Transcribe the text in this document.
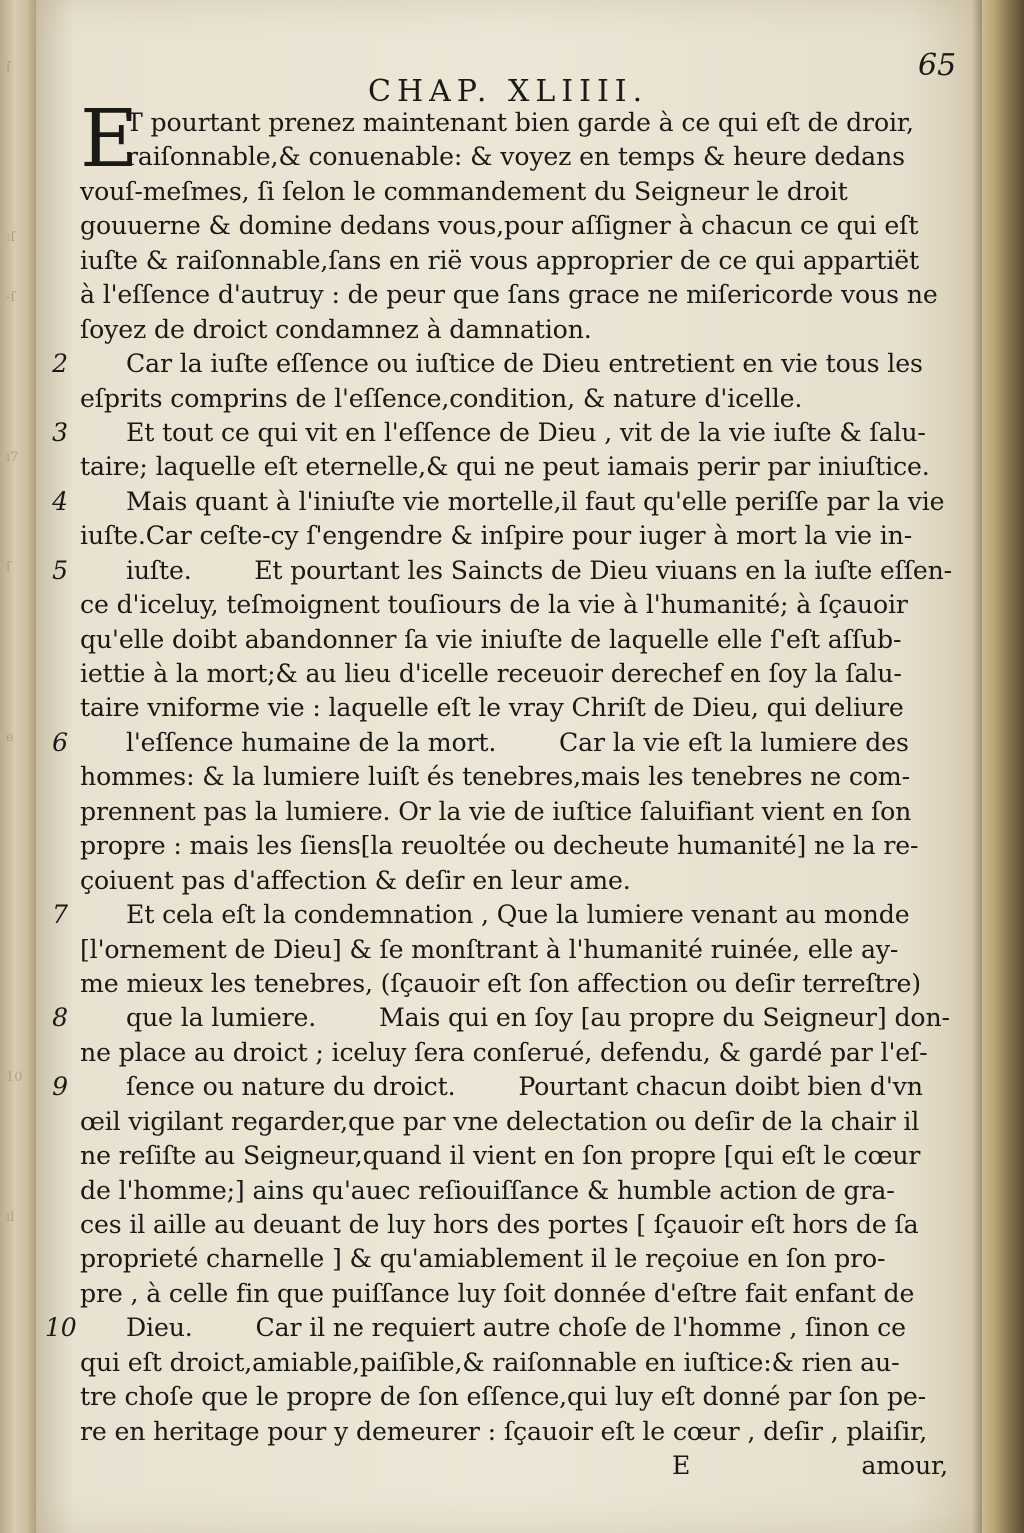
ſ
:ſ
-ſ
ı7
ſ
e
10
ıl

65

CHAP. XLIIII.

E

T pourtant prenez maintenant bien garde à ce qui eſt de droir,

raiſonnable,& conuenable: & voyez en temps & heure dedans

vouſ-meſmes, ſi ſelon le commandement du Seigneur le droit

gouuerne & domine dedans vous,pour aſſigner à chacun ce qui eſt

iuſte & raiſonnable,ſans en rië vous approprier de ce qui appartiët

à l'eſſence d'autruy : de peur que ſans grace ne miſericorde vous ne

ſoyez de droict condamnez à damnation.

2 Car la iuſte eſſence ou iuſtice de Dieu entretient en vie tous les

eſprits comprins de l'eſſence,condition, & nature d'icelle.

3 Et tout ce qui vit en l'eſſence de Dieu , vit de la vie iuſte & ſalu-

taire; laquelle eſt eternelle,& qui ne peut iamais perir par iniuſtice.

4 Mais quant à l'iniuſte vie mortelle,il faut qu'elle periſſe par la vie

iuſte.Car ceſte-cy ſ'engendre & inſpire pour iuger à mort la vie in-

5 iuſte.        Et pourtant les Saincts de Dieu viuans en la iuſte eſſen-

ce d'iceluy, teſmoignent touſiours de la vie à l'humanité; à ſçauoir

qu'elle doibt abandonner ſa vie iniuſte de laquelle elle ſ'eſt aſſub-

iettie à la mort;& au lieu d'icelle receuoir derechef en ſoy la ſalu-

taire vniforme vie : laquelle eſt le vray Chriſt de Dieu, qui deliure

6 l'eſſence humaine de la mort.        Car la vie eſt la lumiere des

hommes: & la lumiere luiſt és tenebres,mais les tenebres ne com-

prennent pas la lumiere. Or la vie de iuſtice ſaluifiant vient en ſon

propre : mais les ſiens[la reuoltée ou decheute humanité] ne la re-

çoiuent pas d'affection & deſir en leur ame.

7 Et cela eſt la condemnation , Que la lumiere venant au monde

[l'ornement de Dieu] & ſe monſtrant à l'humanité ruinée, elle ay-

me mieux les tenebres, (ſçauoir eſt ſon affection ou deſir terreſtre)

8 que la lumiere.        Mais qui en ſoy [au propre du Seigneur] don-

ne place au droict ; iceluy ſera conſerué, defendu, & gardé par l'eſ-

9 ſence ou nature du droict.        Pourtant chacun doibt bien d'vn

œil vigilant regarder,que par vne delectation ou deſir de la chair il

ne reſiſte au Seigneur,quand il vient en ſon propre [qui eſt le cœur

de l'homme;] ains qu'auec reſiouiſſance & humble action de gra-

ces il aille au deuant de luy hors des portes [ ſçauoir eſt hors de ſa

proprieté charnelle ] & qu'amiablement il le reçoiue en ſon pro-

pre , à celle fin que puiſſance luy ſoit donnée d'eſtre fait enfant de

10 Dieu.        Car il ne requiert autre choſe de l'homme , ſinon ce

qui eſt droict,amiable,paiſible,& raiſonnable en iuſtice:& rien au-

tre choſe que le propre de ſon eſſence,qui luy eſt donné par ſon pe-

re en heritage pour y demeurer : ſçauoir eſt le cœur , deſir , plaiſir,

E	amour,
